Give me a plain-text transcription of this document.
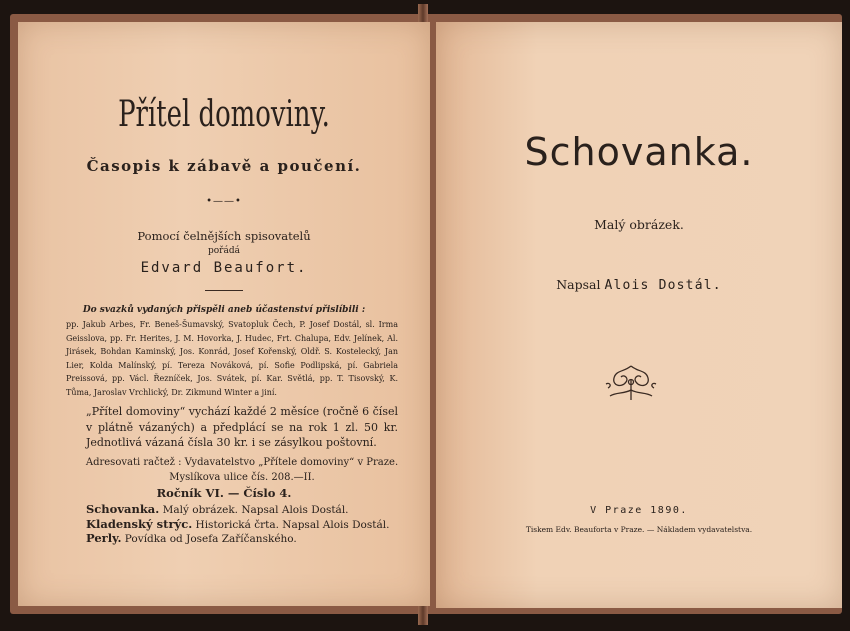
Přítel domoviny.
Časopis k zábavě a poučení.
•——•
Pomocí čelnějších spisovatelů
pořádá
Edvard Beaufort.
Do svazků vydaných přispěli aneb účastenství přislíbili :
pp. Jakub Arbes, Fr. Beneš-Šumavský, Svatopluk Čech, P. Josef Dostál, sl. Irma Geisslova, pp. Fr. Herites, J. M. Hovorka, J. Hudec, Frt. Chalupa, Edv. Jelínek, Al. Jirásek, Bohdan Kaminský, Jos. Konrád, Josef Kořenský, Oldř. S. Kostelecký, Jan Lier, Kolda Malínský, pí. Tereza Nováková, pí. Sofie Podlipská, pí. Gabriela Preissová, pp. Václ. Řezníček, Jos. Svátek, pí. Kar. Světlá, pp. T. Tisovský, K. Tůma, Jaroslav Vrchlický, Dr. Zikmund Winter a jiní.
„Přítel domoviny“ vychází každé 2 měsíce (ročně 6 čísel v plátně vázaných) a předplácí se na rok 1 zl. 50 kr. Jednotlivá vázaná čísla 30 kr. i se zásylkou poštovní.
Adresovati račtež : Vydavatelstvo „Přítele domoviny“ v Praze. Myslíkova ulice čís. 208.—II.
Ročník VI. — Číslo 4.
Schovanka. Malý obrázek. Napsal Alois Dostál.
Kladenský strýc. Historická črta. Napsal Alois Dostál.
Perly. Povídka od Josefa Zaříčanského.
Schovanka.
Malý obrázek.
Napsal Alois Dostál.
V Praze 1890.
Tiskem Edv. Beauforta v Praze. — Nákladem vydavatelstva.
